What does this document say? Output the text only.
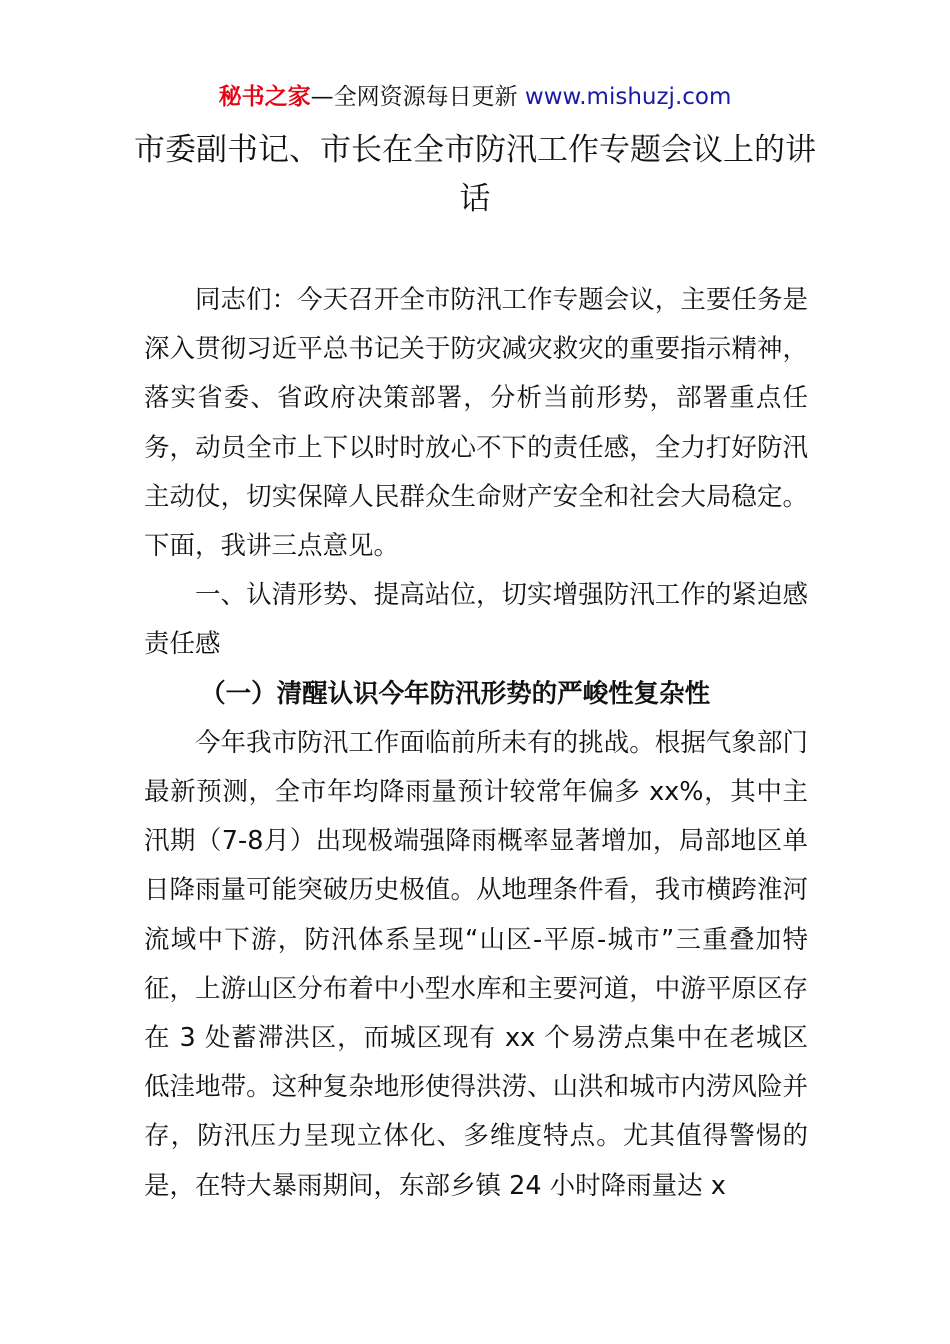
秘书之家—全网资源每日更新 www.mishuzj.com
市委副书记、市长在全市防汛工作专题会议上的讲话

同志们：今天召开全市防汛工作专题会议，主要任务是深入贯彻习近平总书记关于防灾减灾救灾的重要指示精神，落实省委、省政府决策部署，分析当前形势，部署重点任务，动员全市上下以时时放心不下的责任感，全力打好防汛主动仗，切实保障人民群众生命财产安全和社会大局稳定。下面，我讲三点意见。

一、认清形势、提高站位，切实增强防汛工作的紧迫感责任感

（一）清醒认识今年防汛形势的严峻性复杂性

今年我市防汛工作面临前所未有的挑战。根据气象部门最新预测，全市年均降雨量预计较常年偏多 xx%，其中主汛期（7-8月）出现极端强降雨概率显著增加，局部地区单日降雨量可能突破历史极值。从地理条件看，我市横跨淮河流域中下游，防汛体系呈现“山区-平原-城市”三重叠加特征，上游山区分布着中小型水库和主要河道，中游平原区存在 3 处蓄滞洪区，而城区现有 xx 个易涝点集中在老城区低洼地带。这种复杂地形使得洪涝、山洪和城市内涝风险并存，防汛压力呈现立体化、多维度特点。尤其值得警惕的是，在特大暴雨期间，东部乡镇 24 小时降雨量达 x
